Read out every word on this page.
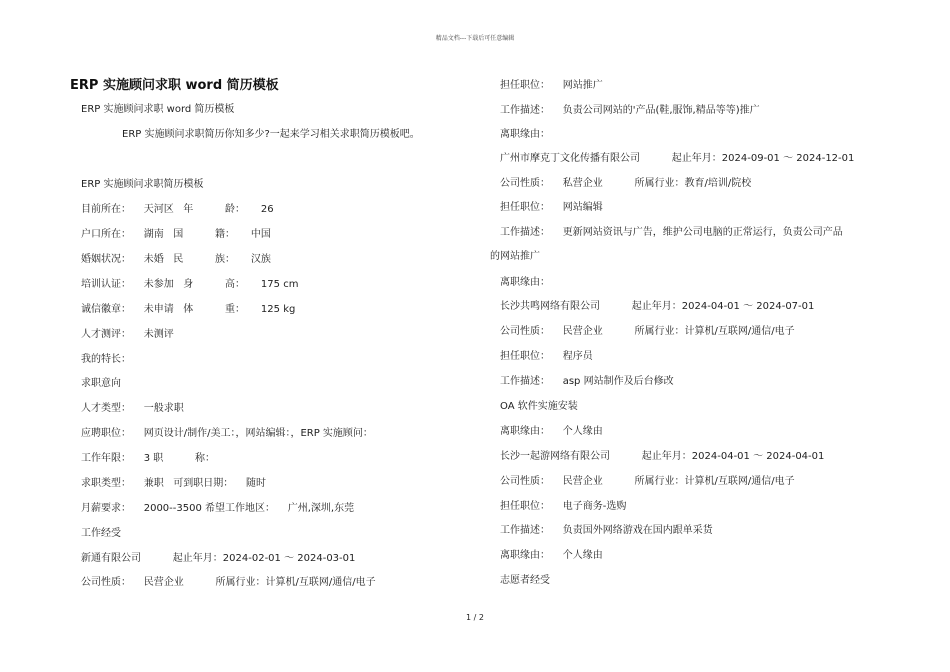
精品文档---下载后可任意编辑
ERP 实施顾问求职 word 简历模板
ERP 实施顾问求职 word 简历模板
ERP 实施顾问求职简历你知多少?一起来学习相关求职简历模板吧。
ERP 实施顾问求职简历模板
目前所在：    天河区   年          龄：     26
户口所在：    湖南   国          籍：     中国
婚姻状况：    未婚   民          族：     汉族
培训认证：    未参加   身          高：     175 cm
诚信徽章：    未申请   体          重：     125 kg
人才测评：    未测评
我的特长：
求职意向
人才类型：    一般求职
应聘职位：    网页设计/制作/美工：，网站编辑：，ERP 实施顾问：
工作年限：    3 职          称：
求职类型：    兼职   可到职日期：    随时
月薪要求：    2000--3500 希望工作地区：    广州,深圳,东莞
工作经受
新通有限公司          起止年月：2024-02-01 ～ 2024-03-01
公司性质：    民营企业          所属行业：计算机/互联网/通信/电子
担任职位：    网站推广
工作描述：    负责公司网站的'产品(鞋,服饰,精品等等)推广
离职缘由：
广州市摩克丁文化传播有限公司          起止年月：2024-09-01 ～ 2024-12-01
公司性质：    私营企业          所属行业：教育/培训/院校
担任职位：    网站编辑
工作描述：    更新网站资讯与广告，维护公司电脑的正常运行，负责公司产品
的网站推广
离职缘由：
长沙共鸣网络有限公司          起止年月：2024-04-01 ～ 2024-07-01
公司性质：    民营企业          所属行业：计算机/互联网/通信/电子
担任职位：    程序员
工作描述：    asp 网站制作及后台修改
OA 软件实施安装
离职缘由：    个人缘由
长沙一起游网络有限公司          起止年月：2024-04-01 ～ 2024-04-01
公司性质：    民营企业          所属行业：计算机/互联网/通信/电子
担任职位：    电子商务-选购
工作描述：    负责国外网络游戏在国内跟单采货
离职缘由：    个人缘由
志愿者经受
1 / 2
